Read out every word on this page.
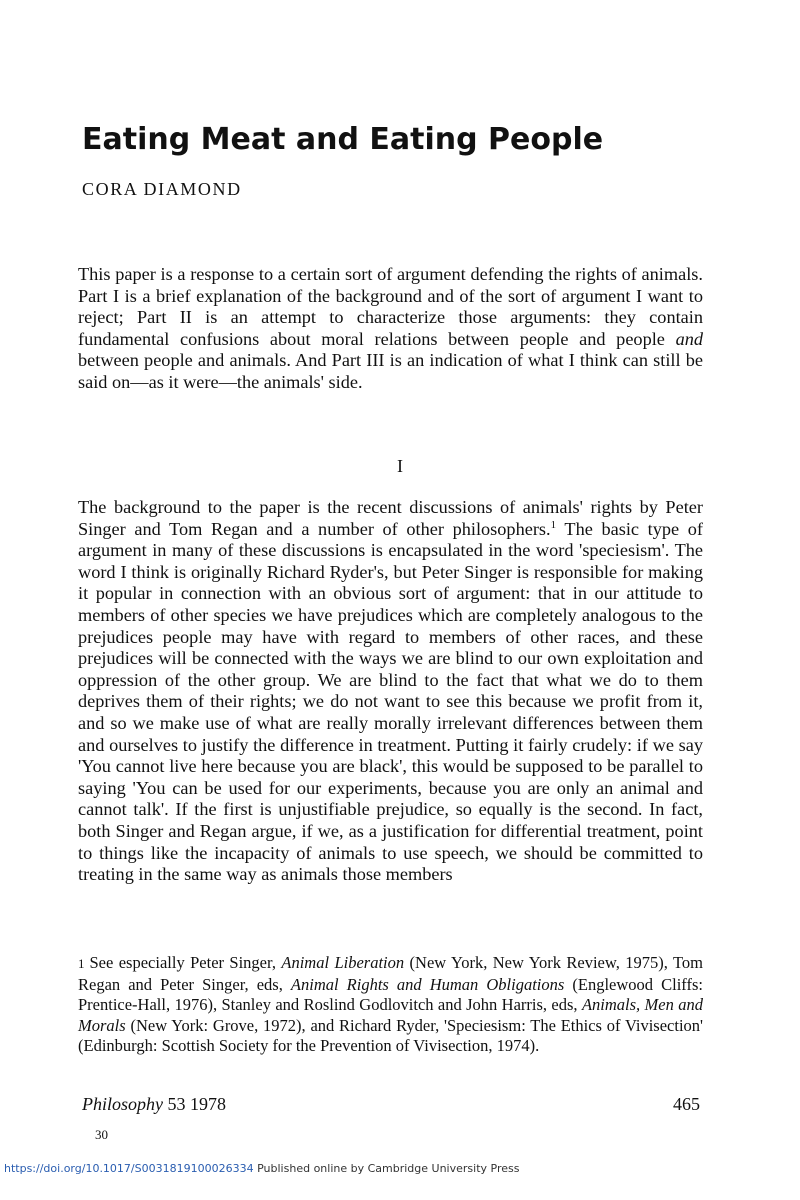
Eating Meat and Eating People
CORA DIAMOND

This paper is a response to a certain sort of argument defending the rights of animals. Part I is a brief explanation of the background and of the sort of argument I want to reject; Part II is an attempt to characterize those arguments: they contain fundamental confusions about moral relations between people and people and between people and animals. And Part III is an indication of what I think can still be said on—as it were—the animals' side.

I

The background to the paper is the recent discussions of animals' rights by Peter Singer and Tom Regan and a number of other philosophers.$^1$ The basic type of argument in many of these discussions is encapsulated in the word 'speciesism'. The word I think is originally Richard Ryder's, but Peter Singer is responsible for making it popular in connection with an obvious sort of argument: that in our attitude to members of other species we have prejudices which are completely analogous to the prejudices people may have with regard to members of other races, and these prejudices will be connected with the ways we are blind to our own exploitation and oppression of the other group. We are blind to the fact that what we do to them deprives them of their rights; we do not want to see this because we profit from it, and so we make use of what are really morally irrelevant differences between them and ourselves to justify the difference in treatment. Putting it fairly crudely: if we say 'You cannot live here because you are black', this would be supposed to be parallel to saying 'You can be used for our experiments, because you are only an animal and cannot talk'. If the first is unjustifiable prejudice, so equally is the second. In fact, both Singer and Regan argue, if we, as a justification for differential treatment, point to things like the incapacity of animals to use speech, we should be committed to treating in the same way as animals those members

1 See especially Peter Singer, Animal Liberation (New York, New York Review, 1975), Tom Regan and Peter Singer, eds, Animal Rights and Human Obligations (Englewood Cliffs: Prentice-Hall, 1976), Stanley and Roslind Godlovitch and John Harris, eds, Animals, Men and Morals (New York: Grove, 1972), and Richard Ryder, 'Speciesism: The Ethics of Vivisection' (Edinburgh: Scottish Society for the Prevention of Vivisection, 1974).

Philosophy 53 1978	465
30
https://doi.org/10.1017/S0031819100026334 Published online by Cambridge University Press
